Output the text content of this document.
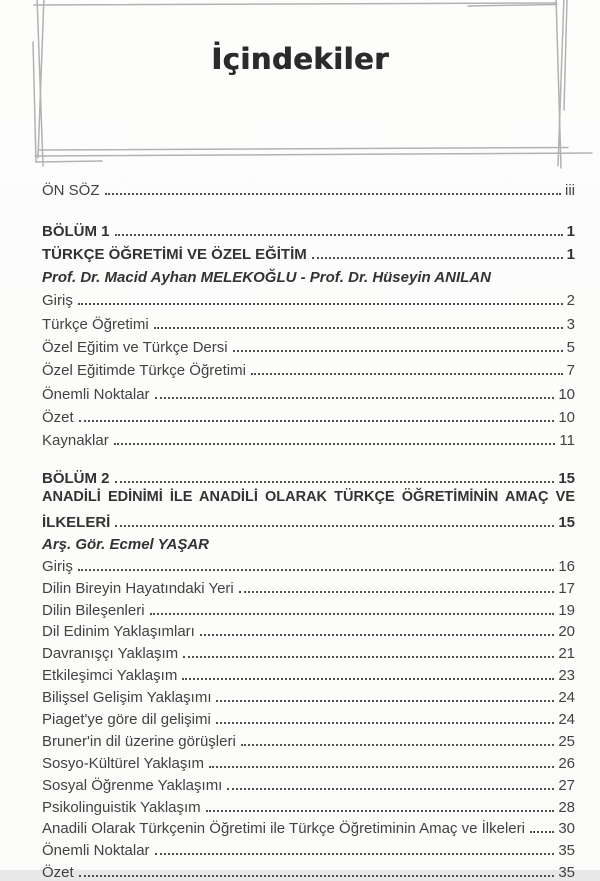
İçindekiler
ÖN SÖZ	iii
BÖLÜM 1	1
TÜRKÇE ÖĞRETİMİ VE ÖZEL EĞİTİM	1
Prof. Dr. Macid Ayhan MELEKOĞLU - Prof. Dr. Hüseyin ANILAN
Giriş	2
Türkçe Öğretimi	3
Özel Eğitim ve Türkçe Dersi	5
Özel Eğitimde Türkçe Öğretimi	7
Önemli Noktalar	10
Özet	10
Kaynaklar	11
BÖLÜM 2	15
ANADİLİ EDİNİMİ İLE ANADİLİ OLARAK TÜRKÇE ÖĞRETİMİNİN AMAÇ VE
İLKELERİ	15
Arş. Gör. Ecmel YAŞAR
Giriş	16
Dilin Bireyin Hayatındaki Yeri	17
Dilin Bileşenleri	19
Dil Edinim Yaklaşımları	20
Davranışçı Yaklaşım	21
Etkileşimci Yaklaşım	23
Bilişsel Gelişim Yaklaşımı	24
Piaget'ye göre dil gelişimi	24
Bruner'in dil üzerine görüşleri	25
Sosyo-Kültürel Yaklaşım	26
Sosyal Öğrenme Yaklaşımı	27
Psikolinguistik Yaklaşım	28
Anadili Olarak Türkçenin Öğretimi ile Türkçe Öğretiminin Amaç ve İlkeleri 30
Önemli Noktalar	35
Özet	35
